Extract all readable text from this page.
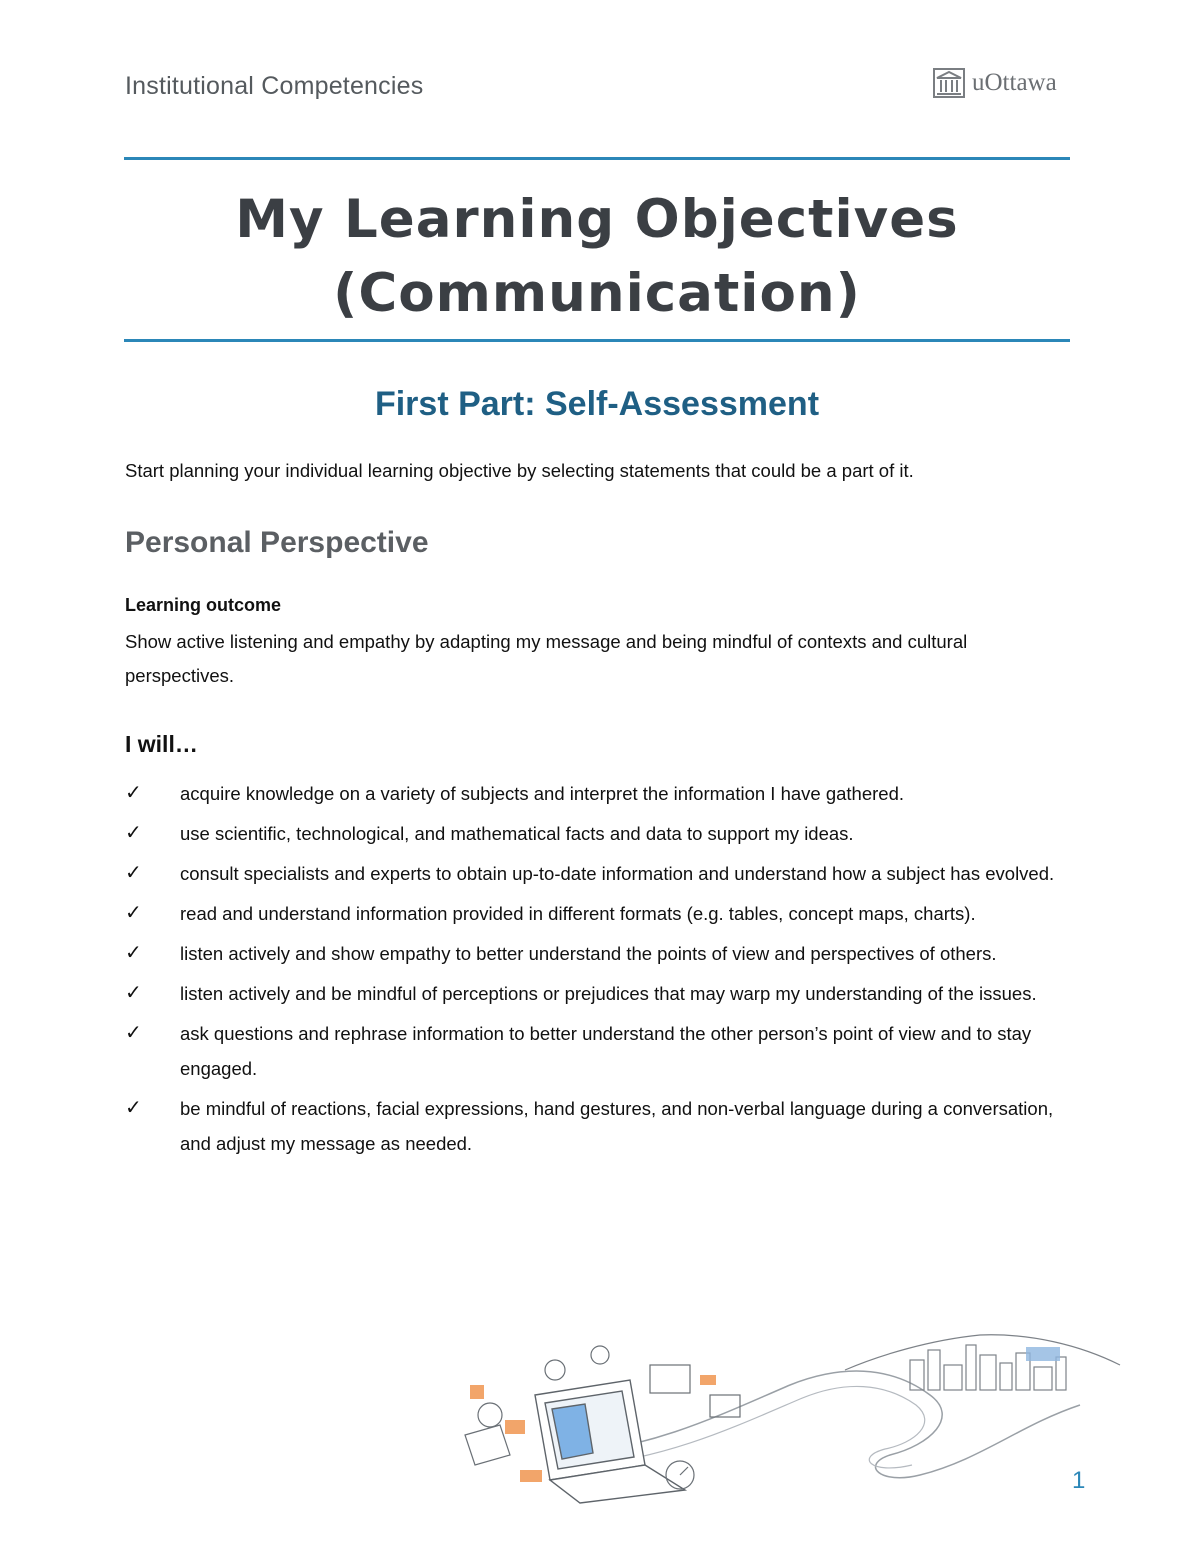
Institutional Competencies	uOttawa
My Learning Objectives
(Communication)
First Part: Self-Assessment
Start planning your individual learning objective by selecting statements that could be a part of it.
Personal Perspective
Learning outcome
Show active listening and empathy by adapting my message and being mindful of contexts and cultural perspectives.
I will…
✓	acquire knowledge on a variety of subjects and interpret the information I have gathered.
✓	use scientific, technological, and mathematical facts and data to support my ideas.
✓	consult specialists and experts to obtain up-to-date information and understand how a subject has evolved.
✓	read and understand information provided in different formats (e.g. tables, concept maps, charts).
✓	listen actively and show empathy to better understand the points of view and perspectives of others.
✓	listen actively and be mindful of perceptions or prejudices that may warp my understanding of the issues.
✓	ask questions and rephrase information to better understand the other person’s point of view and to stay engaged.
✓	be mindful of reactions, facial expressions, hand gestures, and non-verbal language during a conversation, and adjust my message as needed.
1
